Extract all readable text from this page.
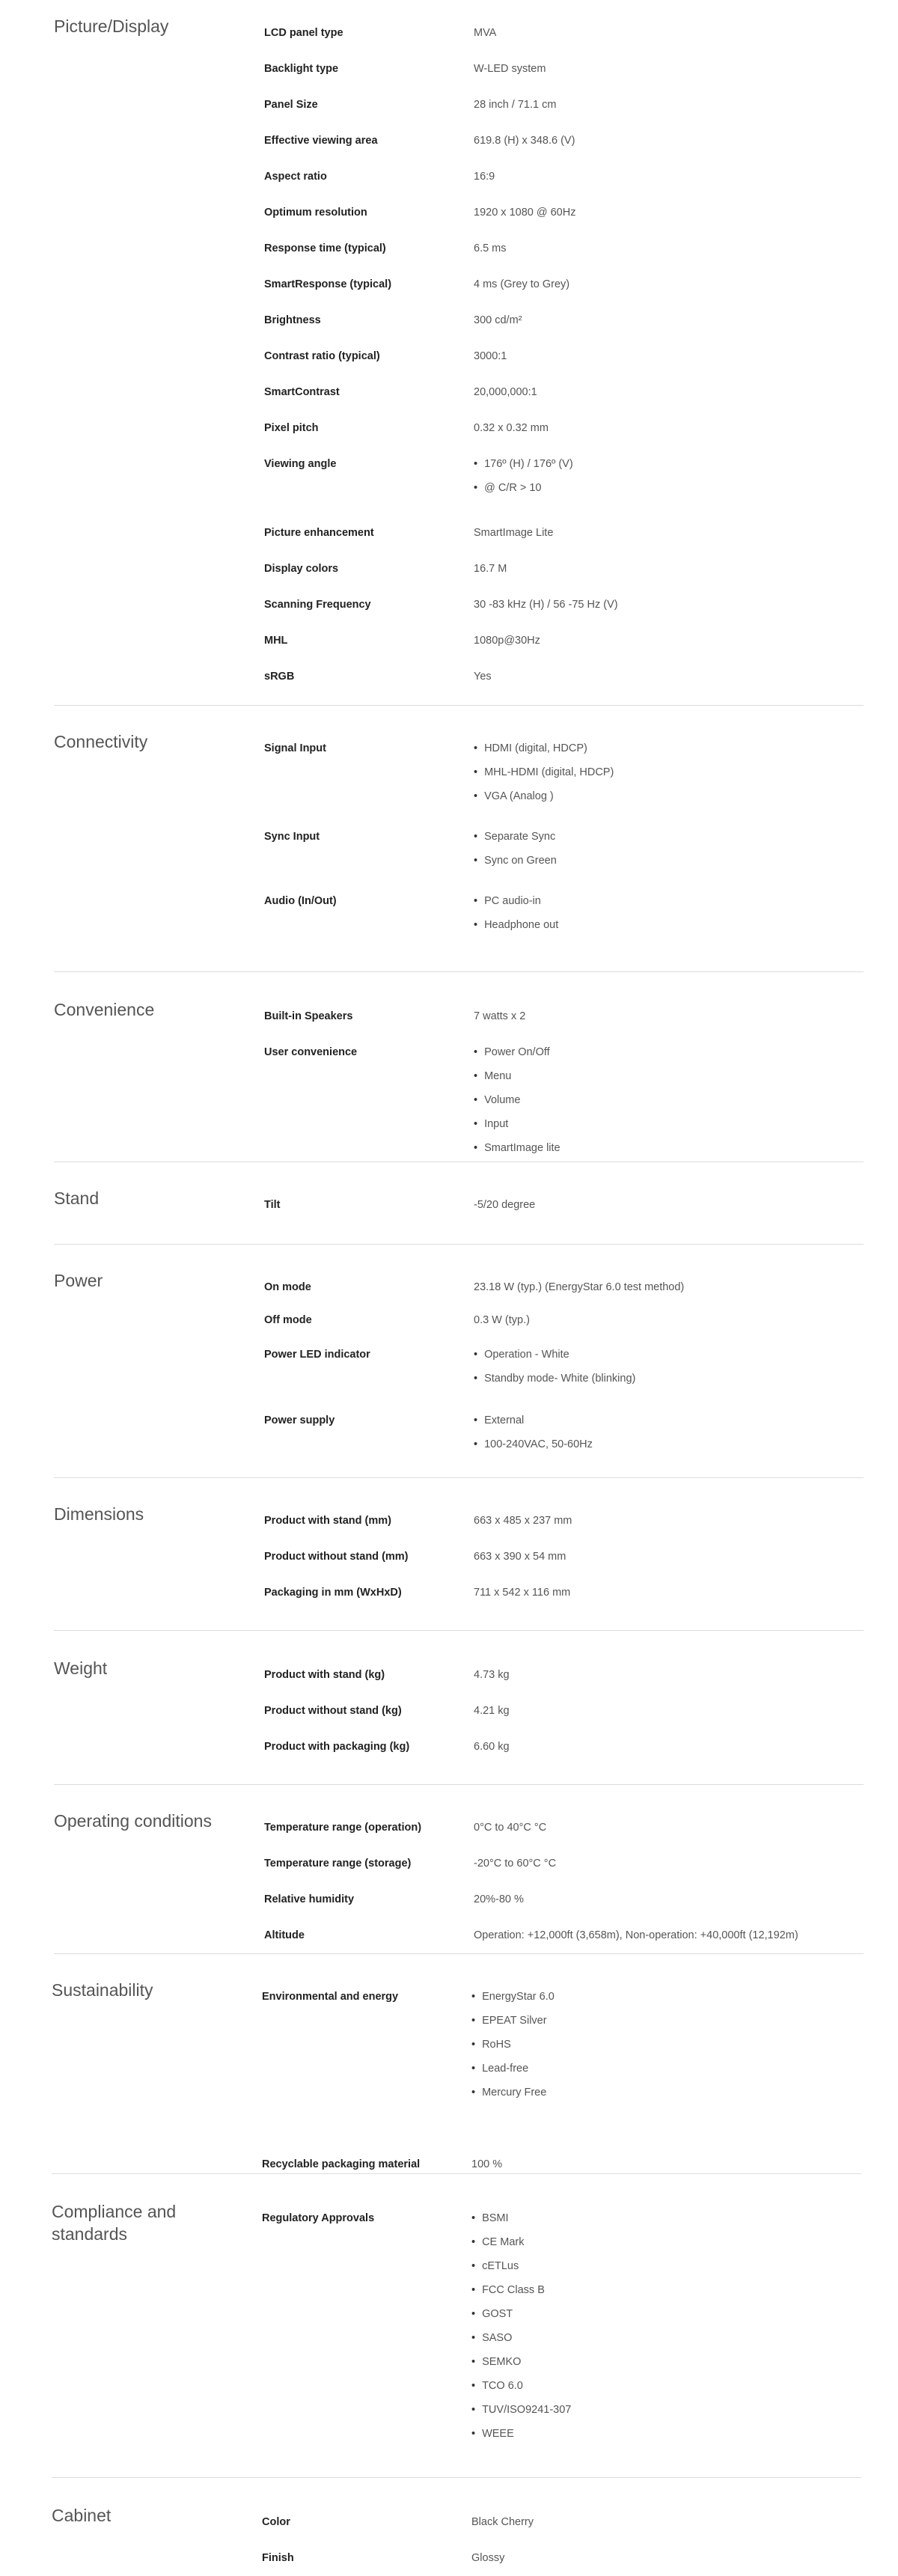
Picture/Display	LCD panel type	MVA
Backlight type	W-LED system
Panel Size	28 inch / 71.1 cm
Effective viewing area	619.8 (H) x 348.6 (V)
Aspect ratio	16:9
Optimum resolution	1920 x 1080 @ 60Hz
Response time (typical)	6.5 ms
SmartResponse (typical)	4 ms (Grey to Grey)
Brightness	300 cd/m²
Contrast ratio (typical)	3000:1
SmartContrast	20,000,000:1
Pixel pitch	0.32 x 0.32 mm
Viewing angle	• 176º (H) / 176º (V)
• @ C/R > 10
Picture enhancement	SmartImage Lite
Display colors	16.7 M
Scanning Frequency	30 -83 kHz (H) / 56 -75 Hz (V)
MHL	1080p@30Hz
sRGB	Yes
Connectivity	Signal Input	• HDMI (digital, HDCP)
• MHL-HDMI (digital, HDCP)
• VGA (Analog )
Sync Input	• Separate Sync
• Sync on Green
Audio (In/Out)	• PC audio-in
• Headphone out
Convenience	Built-in Speakers	7 watts x 2
User convenience	• Power On/Off
• Menu
• Volume
• Input
• SmartImage lite
Stand	Tilt	-5/20 degree
Power	On mode	23.18 W (typ.) (EnergyStar 6.0 test method)
Off mode	0.3 W (typ.)
Power LED indicator	• Operation - White
• Standby mode- White (blinking)
Power supply	• External
• 100-240VAC, 50-60Hz
Dimensions	Product with stand (mm)	663 x 485 x 237 mm
Product without stand (mm)	663 x 390 x 54 mm
Packaging in mm (WxHxD)	711 x 542 x 116 mm
Weight	Product with stand (kg)	4.73 kg
Product without stand (kg)	4.21 kg
Product with packaging (kg)	6.60 kg
Operating conditions	Temperature range (operation)	0°C to 40°C °C
Temperature range (storage)	-20°C to 60°C °C
Relative humidity	20%-80 %
Altitude	Operation: +12,000ft (3,658m), Non-operation: +40,000ft (12,192m)
Sustainability	Environmental and energy	• EnergyStar 6.0
• EPEAT Silver
• RoHS
• Lead-free
• Mercury Free
Recyclable packaging material	100 %
Compliance and standards
Regulatory Approvals	• BSMI
• CE Mark
• cETLus
• FCC Class B
• GOST
• SASO
• SEMKO
• TCO 6.0
• TUV/ISO9241-307
• WEEE
Cabinet	Color	Black Cherry
Finish	Glossy
